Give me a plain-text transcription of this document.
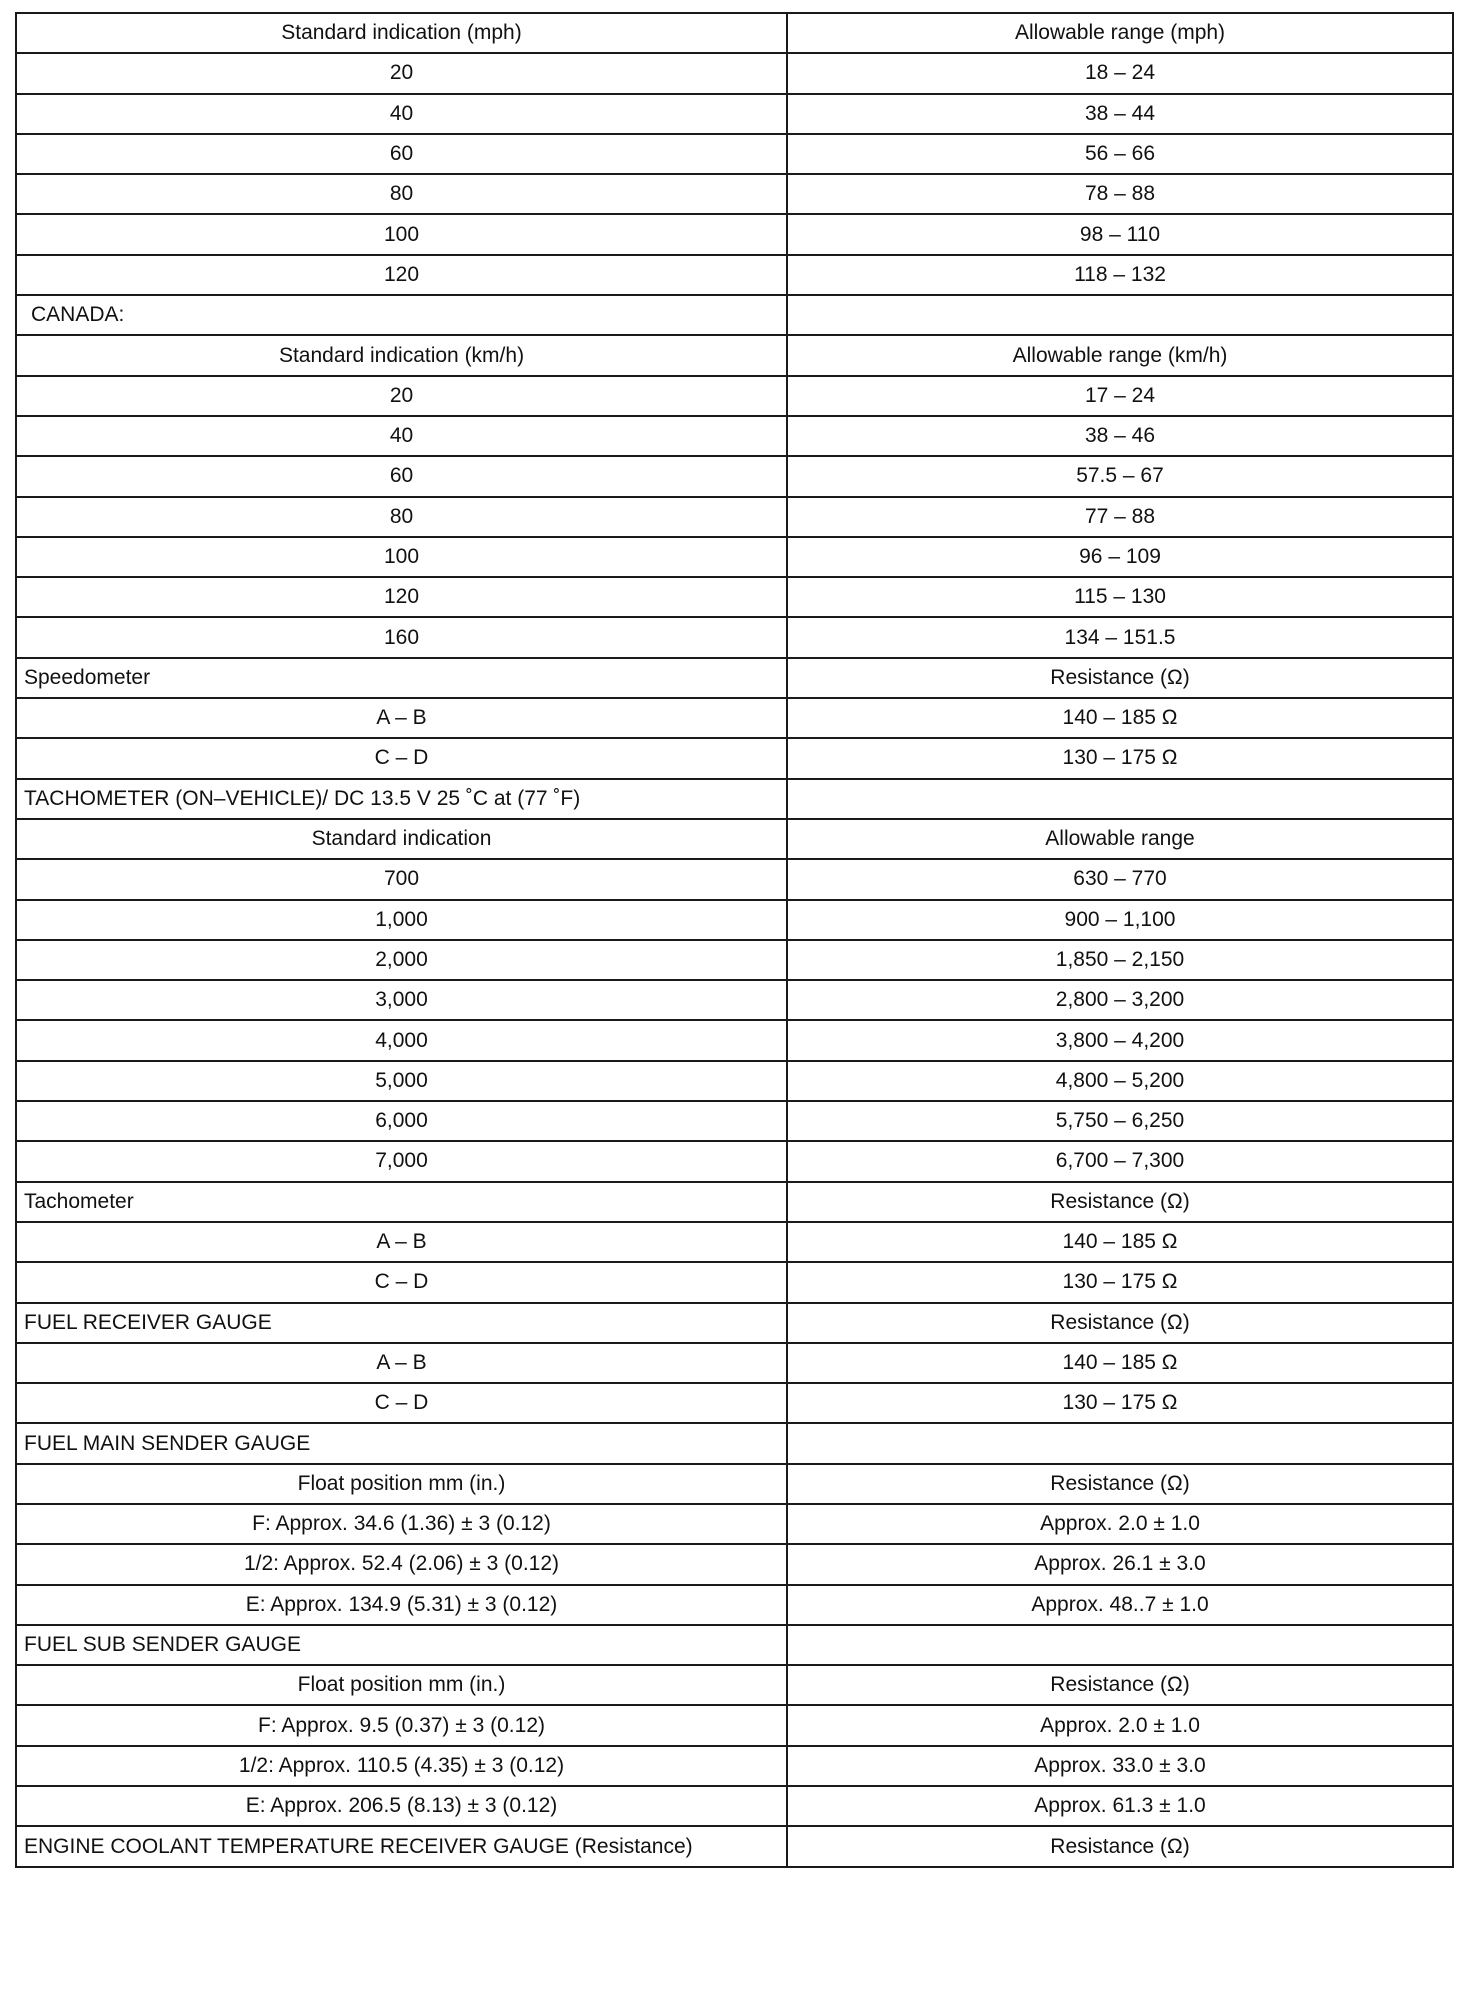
Standard indication (mph)	Allowable range (mph)
20	18 – 24
40	38 – 44
60	56 – 66
80	78 – 88
100	98 – 110
120	118 – 132
CANADA:	
Standard indication (km/h)	Allowable range (km/h)
20	17 – 24
40	38 – 46
60	57.5 – 67
80	77 – 88
100	96 – 109
120	115 – 130
160	134 – 151.5
Speedometer	Resistance (Ω)
A – B	140 – 185 Ω
C – D	130 – 175 Ω
TACHOMETER (ON–VEHICLE)/ DC 13.5 V 25 ˚C at (77 ˚F)	
Standard indication	Allowable range
700	630 – 770
1,000	900 – 1,100
2,000	1,850 – 2,150
3,000	2,800 – 3,200
4,000	3,800 – 4,200
5,000	4,800 – 5,200
6,000	5,750 – 6,250
7,000	6,700 – 7,300
Tachometer	Resistance (Ω)
A – B	140 – 185 Ω
C – D	130 – 175 Ω
FUEL RECEIVER GAUGE	Resistance (Ω)
A – B	140 – 185 Ω
C – D	130 – 175 Ω
FUEL MAIN SENDER GAUGE	
Float position mm (in.)	Resistance (Ω)
F: Approx. 34.6 (1.36) ± 3 (0.12)	Approx. 2.0 ± 1.0
1/2: Approx. 52.4 (2.06) ± 3 (0.12)	Approx. 26.1 ± 3.0
E: Approx. 134.9 (5.31) ± 3 (0.12)	Approx. 48..7 ± 1.0
FUEL SUB SENDER GAUGE	
Float position mm (in.)	Resistance (Ω)
F: Approx. 9.5 (0.37) ± 3 (0.12)	Approx. 2.0 ± 1.0
1/2: Approx. 110.5 (4.35) ± 3 (0.12)	Approx. 33.0 ± 3.0
E: Approx. 206.5 (8.13) ± 3 (0.12)	Approx. 61.3 ± 1.0
ENGINE COOLANT TEMPERATURE RECEIVER GAUGE (Resistance)	Resistance (Ω)
